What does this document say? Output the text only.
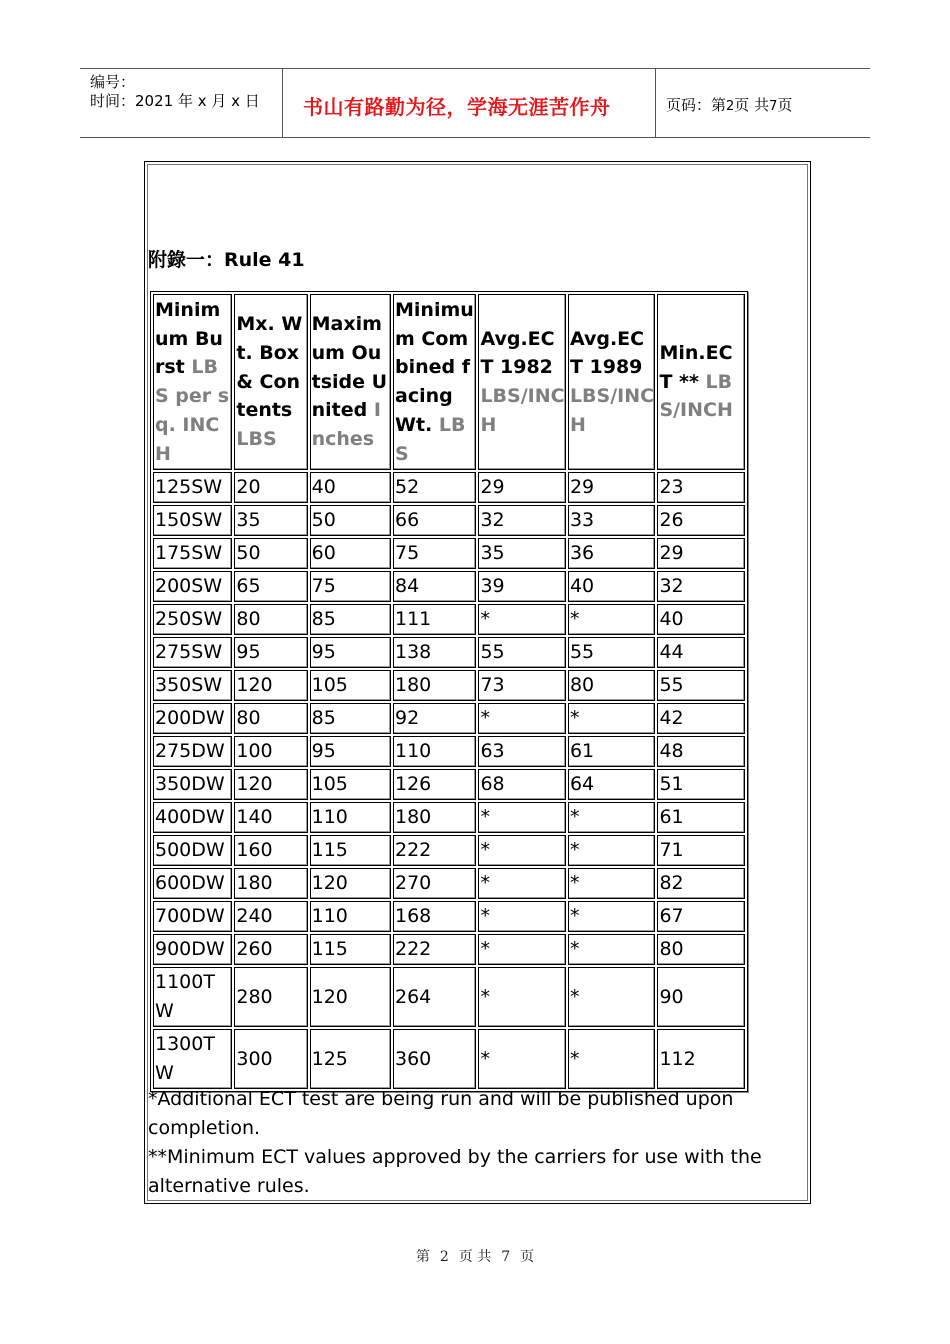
编号：
时间：2021 年 x 月 x 日 书山有路勤为径，学海无涯苦作舟	页码：第2页 共7页
附錄一：Rule 41
Minimum Burst LBS per sq. INCH	Mx. Wt. Box & Contents LBS	Maximum Outside United Inches	Minimum Combined facing Wt. LBS	Avg.ECT 1982 LBS/INCH	Avg.ECT 1989 LBS/INCH	Min.ECT ** LBS/INCH
125SW	20	40	52	29	29	23
150SW	35	50	66	32	33	26
175SW	50	60	75	35	36	29
200SW	65	75	84	39	40	32
250SW	80	85	111	*	*	40
275SW	95	95	138	55	55	44
350SW	120	105	180	73	80	55
200DW	80	85	92	*	*	42
275DW	100	95	110	63	61	48
350DW	120	105	126	68	64	51
400DW	140	110	180	*	*	61
500DW	160	115	222	*	*	71
600DW	180	120	270	*	*	82
700DW	240	110	168	*	*	67
900DW	260	115	222	*	*	80
1100TW	280	120	264	*	*	90
1300TW	300	125	360	*	*	112
*Additional ECT test are being run and will be published upon completion.
**Minimum ECT values approved by the carriers for use with the alternative rules.
第 2 页 共 7 页
